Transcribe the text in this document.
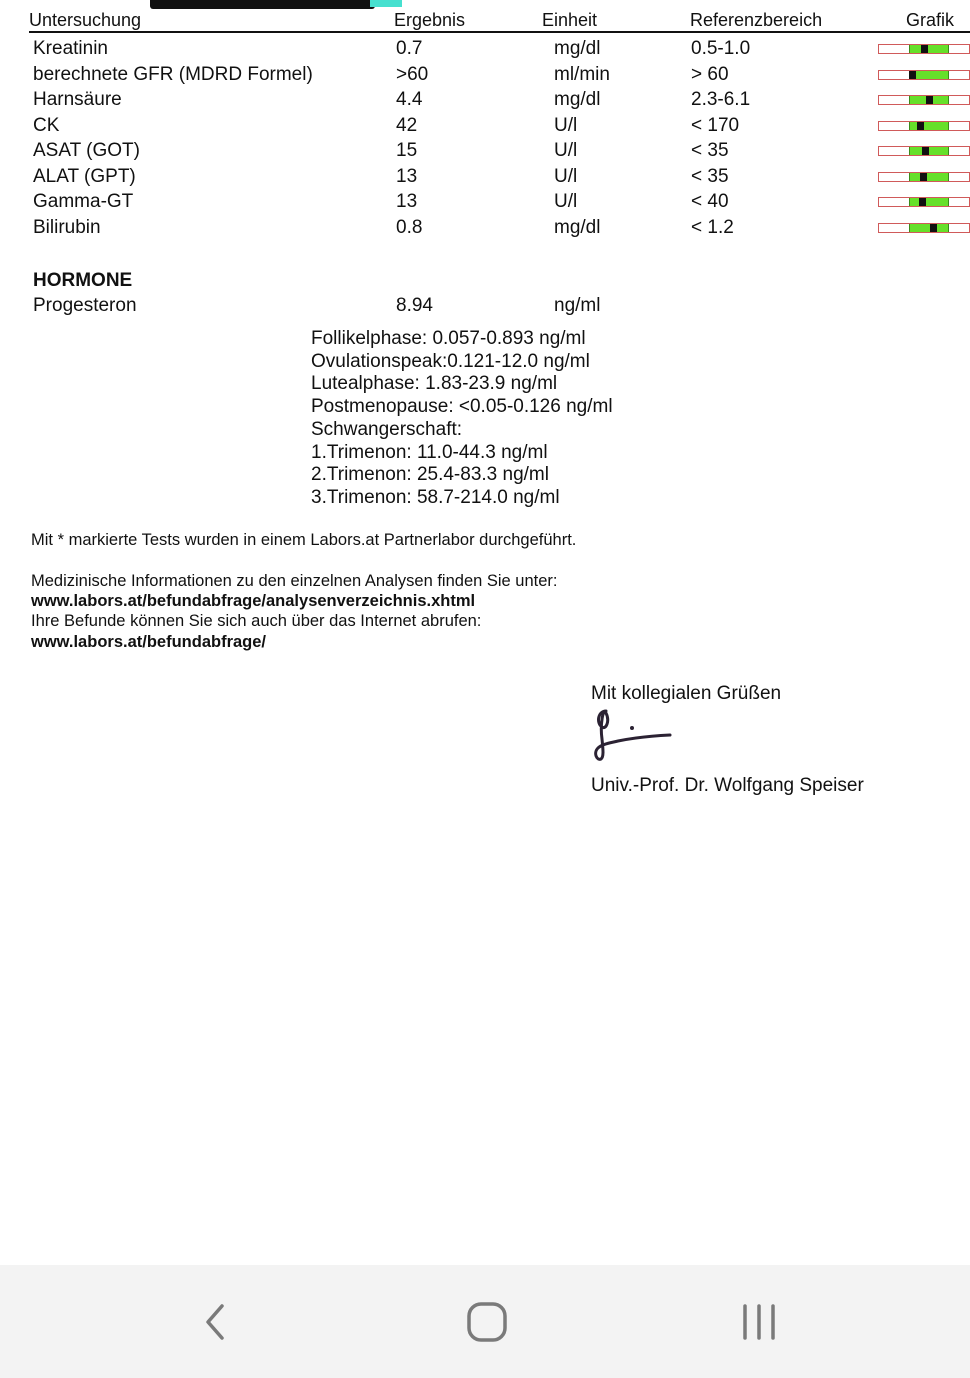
Untersuchung	Ergebnis	Einheit	Referenzbereich	Grafik
Kreatinin	0.7	mg/dl	0.5-1.0
berechnete GFR (MDRD Formel)	>60	ml/min	> 60
Harnsäure	4.4	mg/dl	2.3-6.1
CK	42	U/l	< 170
ASAT (GOT)	15	U/l	< 35
ALAT (GPT)	13	U/l	< 35
Gamma-GT	13	U/l	< 40
Bilirubin	0.8	mg/dl	< 1.2
HORMONE
Progesteron	8.94	ng/ml
Follikelphase: 0.057-0.893 ng/ml
Ovulationspeak:0.121-12.0 ng/ml
Lutealphase: 1.83-23.9 ng/ml
Postmenopause: <0.05-0.126 ng/ml
Schwangerschaft:
1.Trimenon: 11.0-44.3 ng/ml
2.Trimenon: 25.4-83.3 ng/ml
3.Trimenon: 58.7-214.0 ng/ml
Mit * markierte Tests wurden in einem Labors.at Partnerlabor durchgeführt.
Medizinische Informationen zu den einzelnen Analysen finden Sie unter:
www.labors.at/befundabfrage/analysenverzeichnis.xhtml
Ihre Befunde können Sie sich auch über das Internet abrufen:
www.labors.at/befundabfrage/
Mit kollegialen Grüßen
Univ.-Prof. Dr. Wolfgang Speiser
